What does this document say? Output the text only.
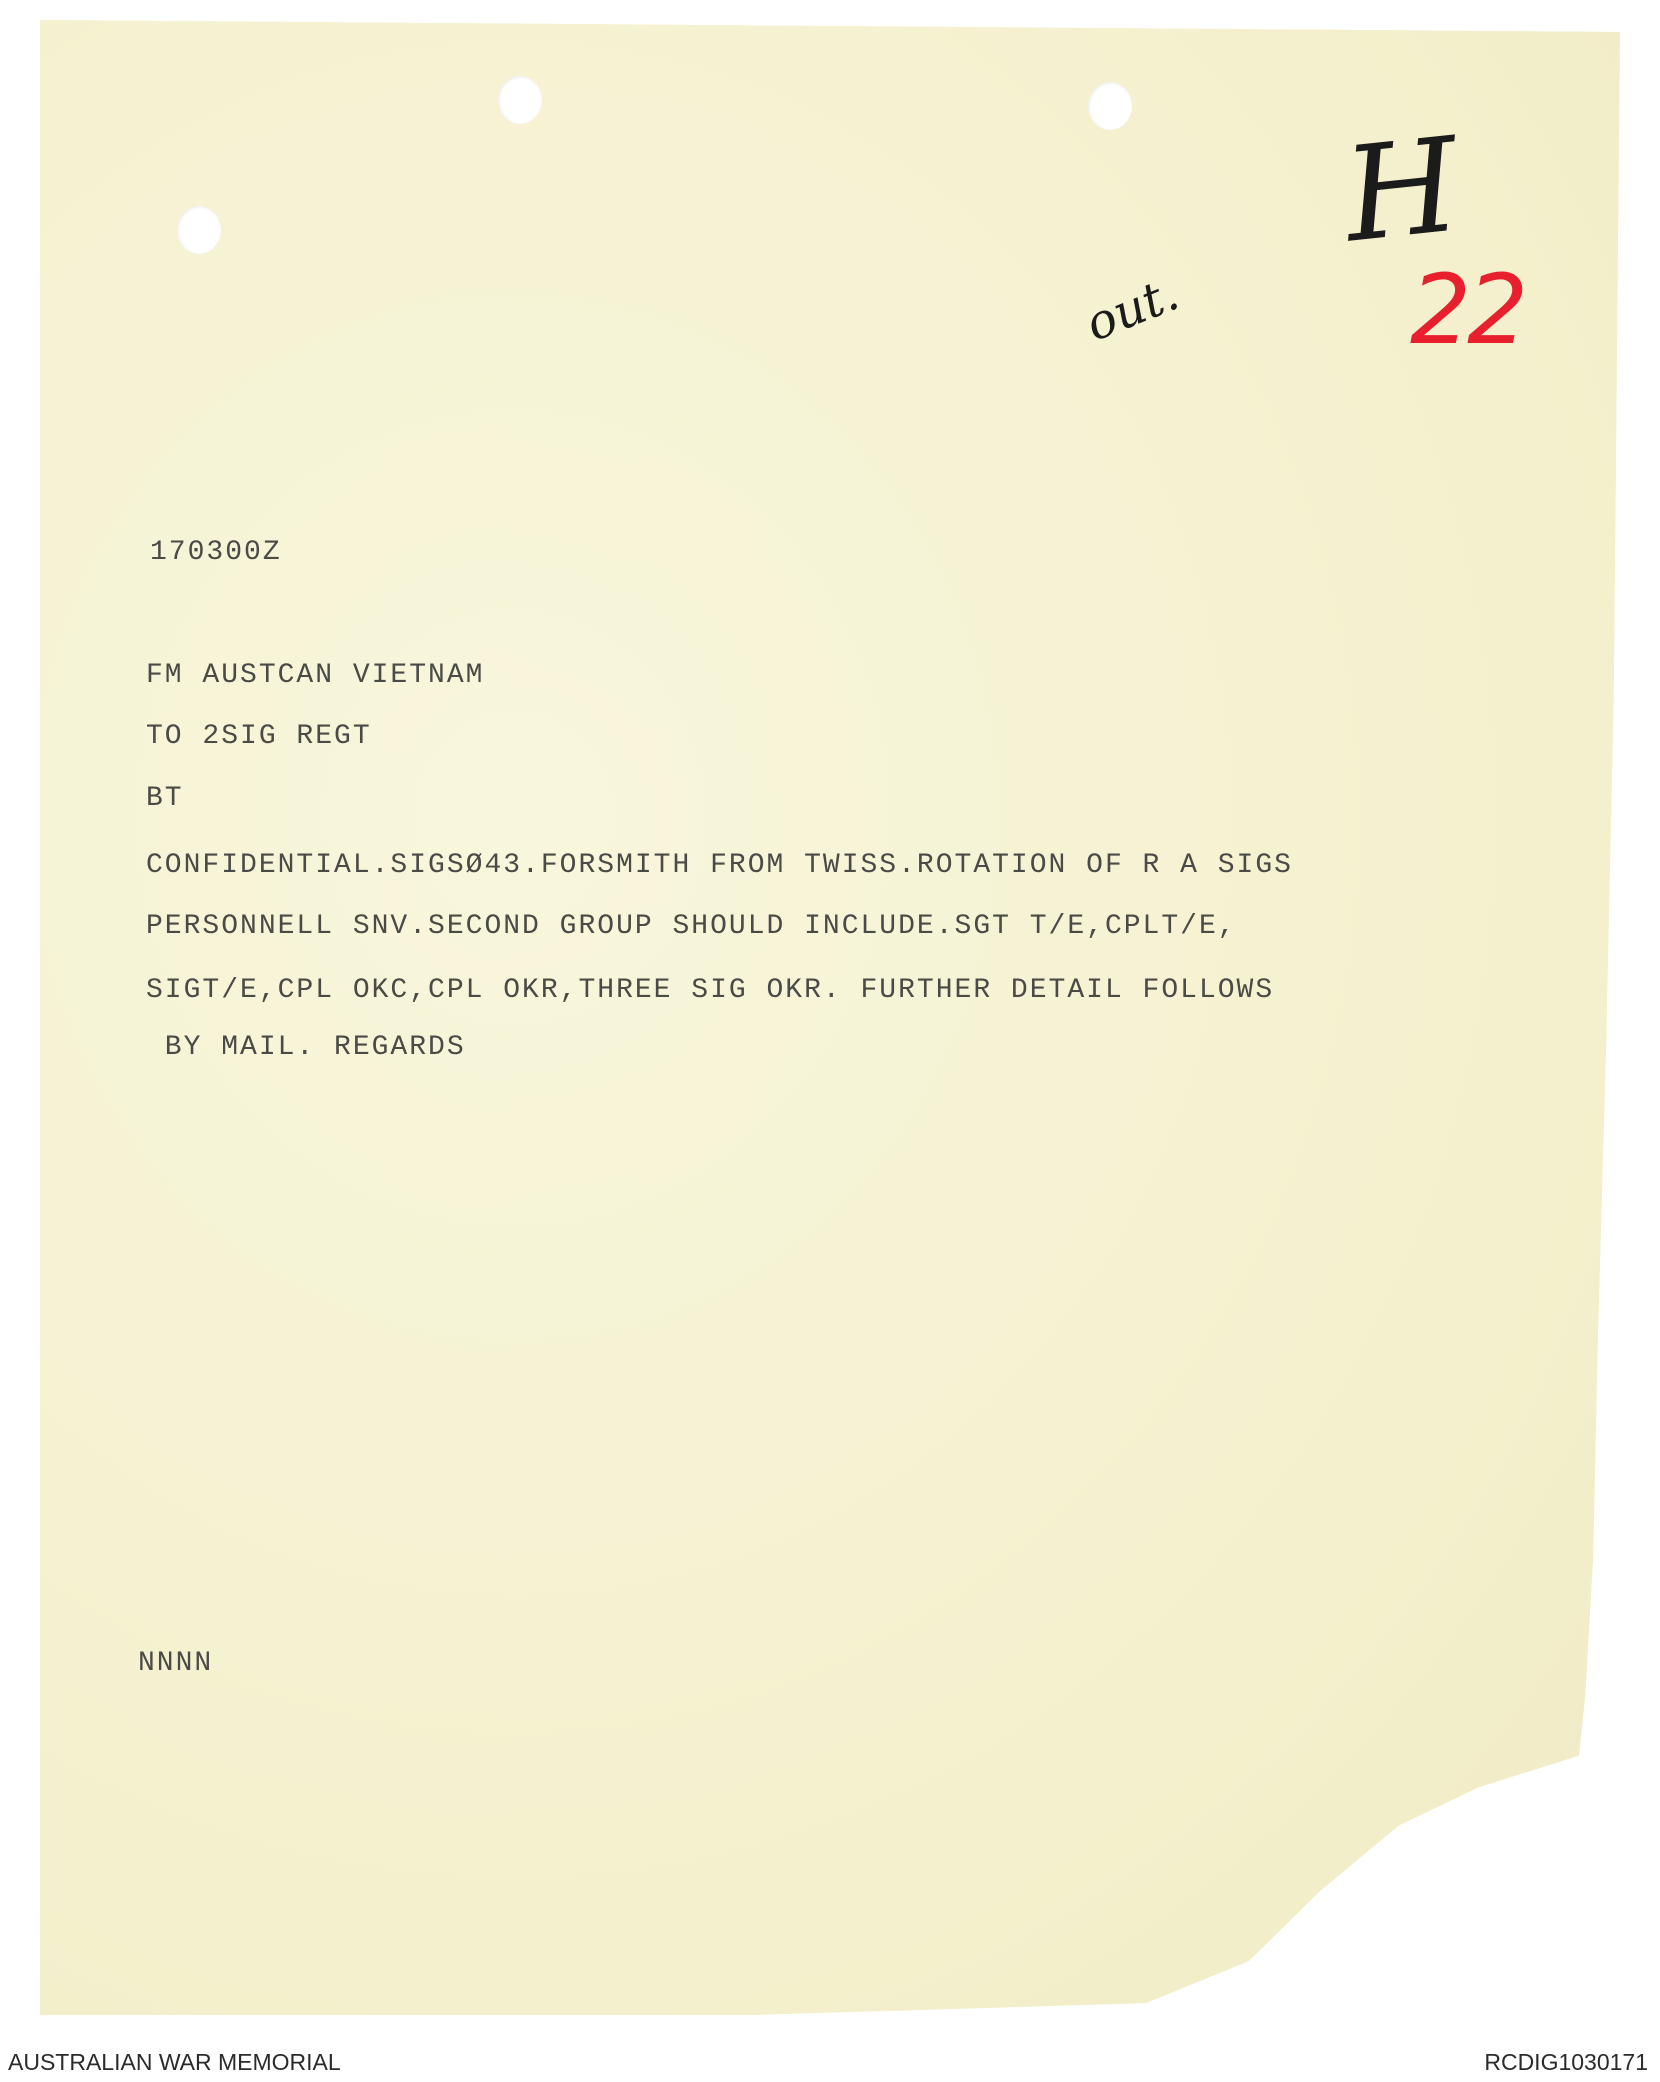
H
out. 22

170300Z

FM AUSTCAN VIETNAM

TO 2SIG REGT

BT

CONFIDENTIAL.SIGSØ43.FORSMITH FROM TWISS.ROTATION OF R A SIGS

PERSONNELL SNV.SECOND GROUP SHOULD INCLUDE.SGT T/E,CPLT/E,

SIGT/E,CPL OKC,CPL OKR,THREE SIG OKR. FURTHER DETAIL FOLLOWS

BY MAIL. REGARDS

NNNN

AUSTRALIAN WAR MEMORIAL	RCDIG1030171
